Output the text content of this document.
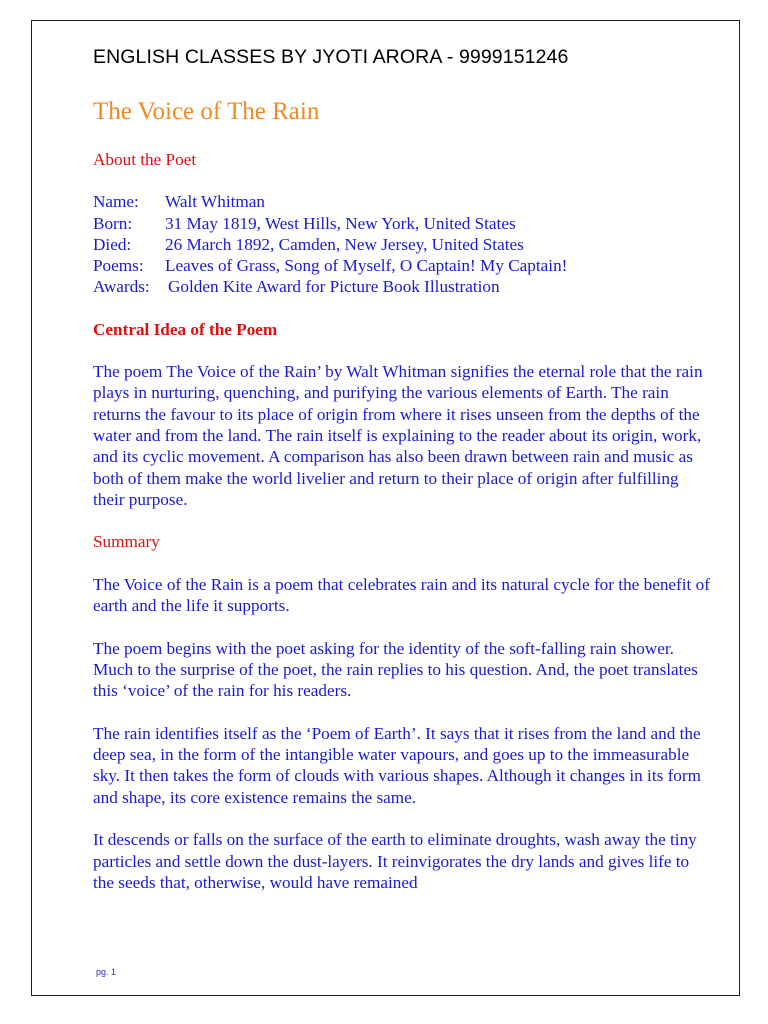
ENGLISH CLASSES BY JYOTI ARORA - 9999151246
The Voice of The Rain
About the Poet
Name: Walt Whitman
Born: 31 May 1819, West Hills, New York, United States
Died: 26 March 1892, Camden, New Jersey, United States
Poems: Leaves of Grass, Song of Myself, O Captain! My Captain!
Awards: Golden Kite Award for Picture Book Illustration
Central Idea of the Poem

The poem The Voice of the Rain’ by Walt Whitman signifies the eternal role that the rain plays in nurturing, quenching, and purifying the various elements of Earth. The rain returns the favour to its place of origin from where it rises unseen from the depths of the water and from the land. The rain itself is explaining to the reader about its origin, work, and its cyclic movement. A comparison has also been drawn between rain and music as both of them make the world livelier and return to their place of origin after fulfilling their purpose.

Summary

The Voice of the Rain is a poem that celebrates rain and its natural cycle for the benefit of earth and the life it supports.

The poem begins with the poet asking for the identity of the soft-falling rain shower. Much to the surprise of the poet, the rain replies to his question. And, the poet translates this ‘voice’ of the rain for his readers.

The rain identifies itself as the ‘Poem of Earth’. It says that it rises from the land and the deep sea, in the form of the intangible water vapours, and goes up to the immeasurable sky. It then takes the form of clouds with various shapes. Although it changes in its form and shape, its core existence remains the same.

It descends or falls on the surface of the earth to eliminate droughts, wash away the tiny particles and settle down the dust-layers. It reinvigorates the dry lands and gives life to the seeds that, otherwise, would have remained

pg. 1
